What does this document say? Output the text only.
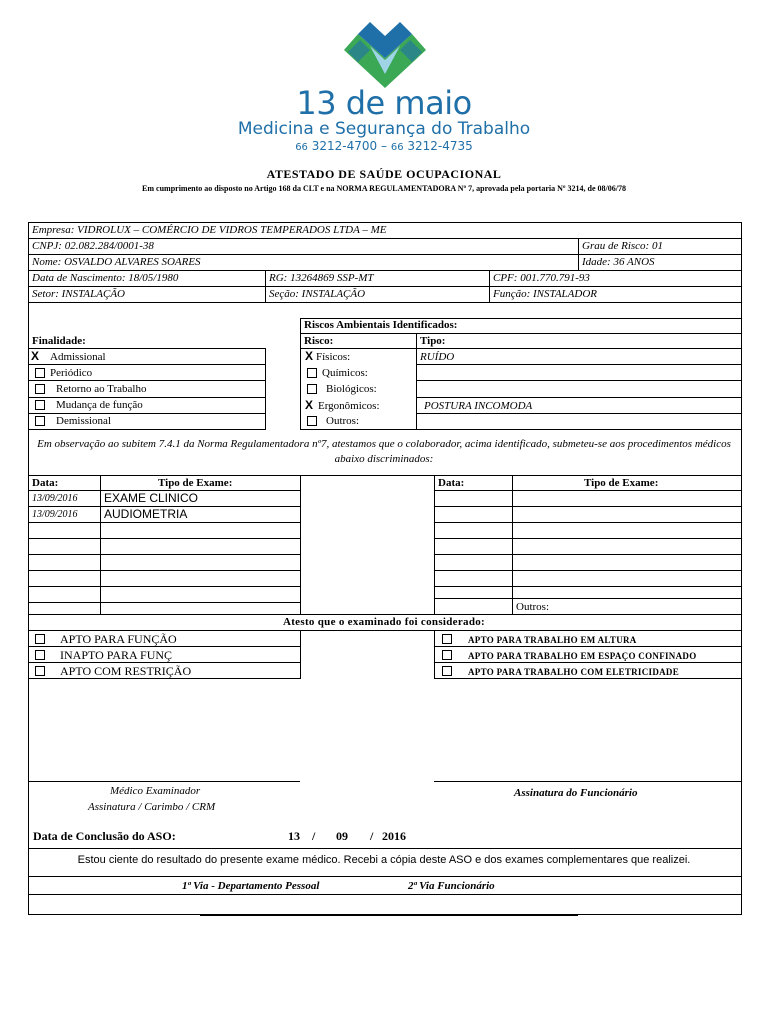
13 de maio
Medicina e Segurança do Trabalho
66 3212-4700 – 66 3212-4735
ATESTADO DE SAÚDE OCUPACIONAL
Em cumprimento ao disposto no Artigo 168 da CLT e na NORMA REGULAMENTADORA Nº 7, aprovada pela portaria Nº 3214, de 08/06/78
Empresa: VIDROLUX – COMÉRCIO DE VIDROS TEMPERADOS LTDA – ME
CNPJ: 02.082.284/0001-38	Grau de Risco: 01
Nome: OSVALDO ALVARES SOARES	Idade: 36 ANOS
Data de Nascimento: 18/05/1980	RG: 13264869 SSP-MT	CPF: 001.770.791-93
Setor: INSTALAÇÃO	Seção: INSTALAÇÃO	Função: INSTALADOR
Finalidade:
Riscos Ambientais Identificados:
Risco:	Tipo:
X Admissional
Periódico
Retorno ao Trabalho
Mudança de função
Demissional
X Físicos:	RUÍDO
Químicos:
Biológicos:
X Ergonômicos:	POSTURA INCOMODA
Outros:
Em observação ao subitem 7.4.1 da Norma Regulamentadora nº7, atestamos que o colaborador, acima identificado, submeteu-se aos procedimentos médicos abaixo discriminados:
Data:	Tipo de Exame:	Data:	Tipo de Exame:
13/09/2016 EXAME CLINICO
13/09/2016 AUDIOMETRIA
Outros:
Atesto que o examinado foi considerado:
APTO PARA FUNÇÃO
INAPTO PARA FUNÇ
APTO COM RESTRIÇÃO
APTO PARA TRABALHO EM ALTURA
APTO PARA TRABALHO EM ESPAÇO CONFINADO
APTO PARA TRABALHO COM ELETRICIDADE
Médico Examinador
Assinatura / Carimbo / CRM
Assinatura do Funcionário
Data de Conclusão do ASO:	13 / 09 / 2016
Estou ciente do resultado do presente exame médico. Recebi a cópia deste ASO e dos exames complementares que realizei.
1ª Via - Departamento Pessoal	2ª Via Funcionário
